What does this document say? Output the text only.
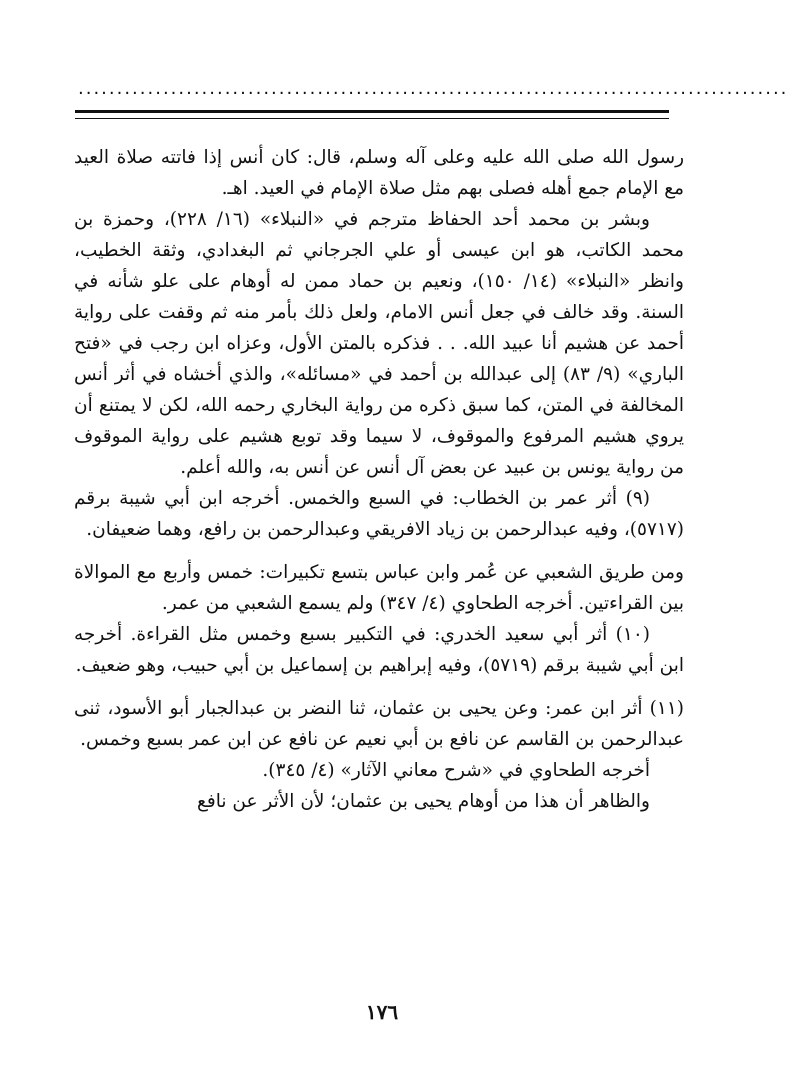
............................................................................................

رسول الله صلى الله عليه وعلى آله وسلم، قال: كان أنس إذا فاتته صلاة العيد مع الإمام جمع أهله فصلى بهم مثل صلاة الإمام في العيد. اهـ.

وبشر بن محمد أحد الحفاظ مترجم في «النبلاء» (١٦/ ٢٢٨)، وحمزة بن محمد الكاتب، هو ابن عيسى أو علي الجرجاني ثم البغدادي، وثقة الخطيب، وانظر «النبلاء» (١٤/ ١٥٠)، ونعيم بن حماد ممن له أوهام على علو شأنه في السنة. وقد خالف في جعل أنس الامام، ولعل ذلك بأمر منه ثم وقفت على رواية أحمد عن هشيم أنا عبيد الله. . . فذكره بالمتن الأول، وعزاه ابن رجب في «فتح الباري» (٩/ ٨٣) إلى عبدالله بن أحمد في «مسائله»، والذي أخشاه في أثر أنس المخالفة في المتن، كما سبق ذكره من رواية البخاري رحمه الله، لكن لا يمتنع أن يروي هشيم المرفوع والموقوف، لا سيما وقد توبع هشيم على رواية الموقوف من رواية يونس بن عبيد عن بعض آل أنس عن أنس به، والله أعلم.

(٩) أثر عمر بن الخطاب: في السبع والخمس. أخرجه ابن أبي شيبة برقم (٥٧١٧)، وفيه عبدالرحمن بن زياد الافريقي وعبدالرحمن بن رافع، وهما ضعيفان.

ومن طريق الشعبي عن عُمر وابن عباس بتسع تكبيرات: خمس وأربع مع الموالاة بين القراءتين. أخرجه الطحاوي (٤/ ٣٤٧) ولم يسمع الشعبي من عمر.

(١٠) أثر أبي سعيد الخدري: في التكبير بسبع وخمس مثل القراءة. أخرجه ابن أبي شيبة برقم (٥٧١٩)، وفيه إبراهيم بن إسماعيل بن أبي حبيب، وهو ضعيف.

(١١) أثر ابن عمر: وعن يحيى بن عثمان، ثنا النضر بن عبدالجبار أبو الأسود، ثنى عبدالرحمن بن القاسم عن نافع بن أبي نعيم عن نافع عن ابن عمر بسبع وخمس.

أخرجه الطحاوي في «شرح معاني الآثار» (٤/ ٣٤٥).

والظاهر أن هذا من أوهام يحيى بن عثمان؛ لأن الأثر عن نافع

١٧٦
